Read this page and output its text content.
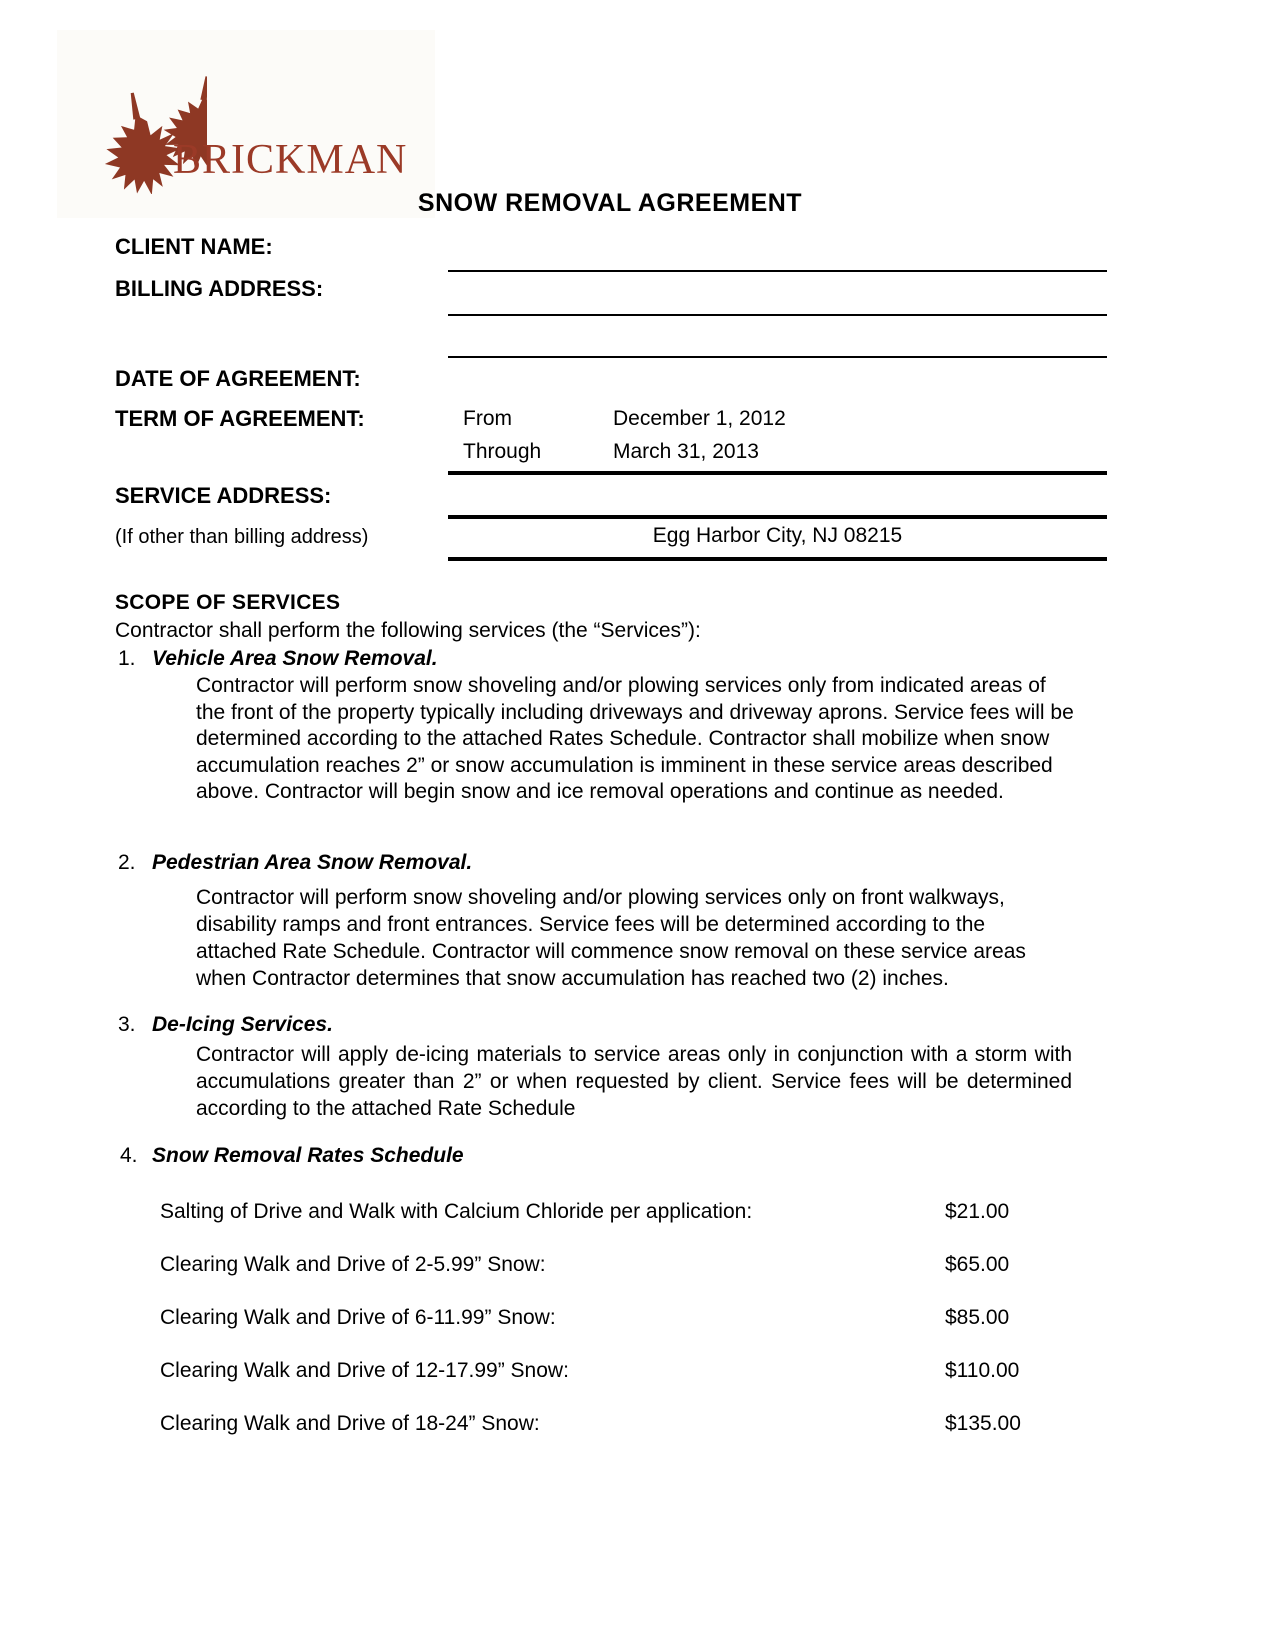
BRICKMAN
SNOW REMOVAL AGREEMENT
CLIENT NAME:
BILLING ADDRESS:
DATE OF AGREEMENT:
TERM OF AGREEMENT:	From	December 1, 2012
Through	March 31, 2013
SERVICE ADDRESS:
(If other than billing address)	Egg Harbor City, NJ 08215
SCOPE OF SERVICES
Contractor shall perform the following services (the “Services”):
1. Vehicle Area Snow Removal.
Contractor will perform snow shoveling and/or plowing services only from indicated areas of the front of the property typically including driveways and driveway aprons. Service fees will be determined according to the attached Rates Schedule. Contractor shall mobilize when snow accumulation reaches 2” or snow accumulation is imminent in these service areas described above. Contractor will begin snow and ice removal operations and continue as needed.
2. Pedestrian Area Snow Removal.
Contractor will perform snow shoveling and/or plowing services only on front walkways, disability ramps and front entrances. Service fees will be determined according to the attached Rate Schedule. Contractor will commence snow removal on these service areas when Contractor determines that snow accumulation has reached two (2) inches.
3. De-Icing Services.
Contractor will apply de-icing materials to service areas only in conjunction with a storm with accumulations greater than 2” or when requested by client. Service fees will be determined according to the attached Rate Schedule
4. Snow Removal Rates Schedule
Salting of Drive and Walk with Calcium Chloride per application:	$21.00
Clearing Walk and Drive of 2-5.99” Snow:	$65.00
Clearing Walk and Drive of 6-11.99” Snow:	$85.00
Clearing Walk and Drive of 12-17.99” Snow:	$110.00
Clearing Walk and Drive of 18-24” Snow:	$135.00
